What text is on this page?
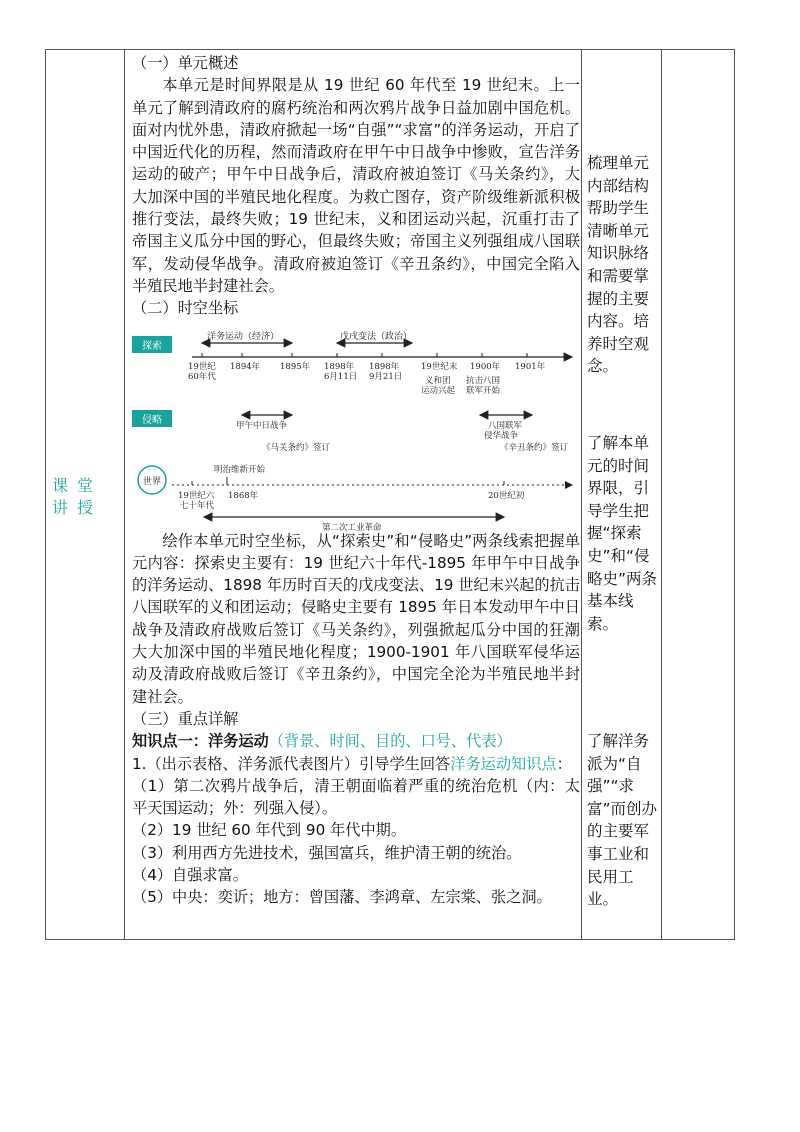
课堂讲授

（一）单元概述

本单元是时间界限是从 19 世纪 60 年代至 19 世纪末。上一单元了解到清政府的腐朽统治和两次鸦片战争日益加剧中国危机。面对内忧外患，清政府掀起一场“自强”“求富”的洋务运动，开启了中国近代化的历程，然而清政府在甲午中日战争中惨败，宣告洋务运动的破产；甲午中日战争后，清政府被迫签订《马关条约》，大大加深中国的半殖民地化程度。为救亡图存，资产阶级维新派积极推行变法，最终失败；19 世纪末，义和团运动兴起，沉重打击了帝国主义瓜分中国的野心，但最终失败；帝国主义列强组成八国联军，发动侵华战争。清政府被迫签订《辛丑条约》，中国完全陷入半殖民地半封建社会。

（二）时空坐标

绘作本单元时空坐标，从“探索史”和“侵略史”两条线索把握单元内容：探索史主要有：19 世纪六十年代-1895 年甲午中日战争的洋务运动、1898 年历时百天的戊戌变法、19 世纪末兴起的抗击八国联军的义和团运动；侵略史主要有 1895 年日本发动甲午中日战争及清政府战败后签订《马关条约》，列强掀起瓜分中国的狂潮大大加深中国的半殖民地化程度；1900-1901 年八国联军侵华运动及清政府战败后签订《辛丑条约》，中国完全沦为半殖民地半封建社会。

（三）重点详解

知识点一：洋务运动（背景、时间、目的、口号、代表）

1.（出示表格、洋务派代表图片）引导学生回答洋务运动知识点：

（1）第二次鸦片战争后，清王朝面临着严重的统治危机（内：太平天国运动；外：列强入侵）。

（2）19 世纪 60 年代到 90 年代中期。

（3）利用西方先进技术，强国富兵，维护清王朝的统治。

（4）自强求富。

（5）中央：奕䜣；地方：曾国藩、李鸿章、左宗棠、张之洞。

探索
洋务运动（经济）	戊戌变法（政治）
19世纪
60年代
1894年 1895年 1898年
6月11日
1898年
9月21日
19世纪末
义和团
运动兴起
1900年
抗击八国
联军开始
1901年
侵略	甲午中日战争	八国联军
侵华战争
《马关条约》签订	《辛丑条约》签订
世界
明治维新开始
19世纪六
七十年代
1868年	20世纪初
第二次工业革命
梳理单元内部结构帮助学生清晰单元知识脉络和需要掌握的主要内容。培养时空观念。
了解本单元的时间界限，引导学生把握“探索史”和“侵略史”两条基本线索。
了解洋务派为“自强”“求富”而创办的主要军事工业和民用工业。
